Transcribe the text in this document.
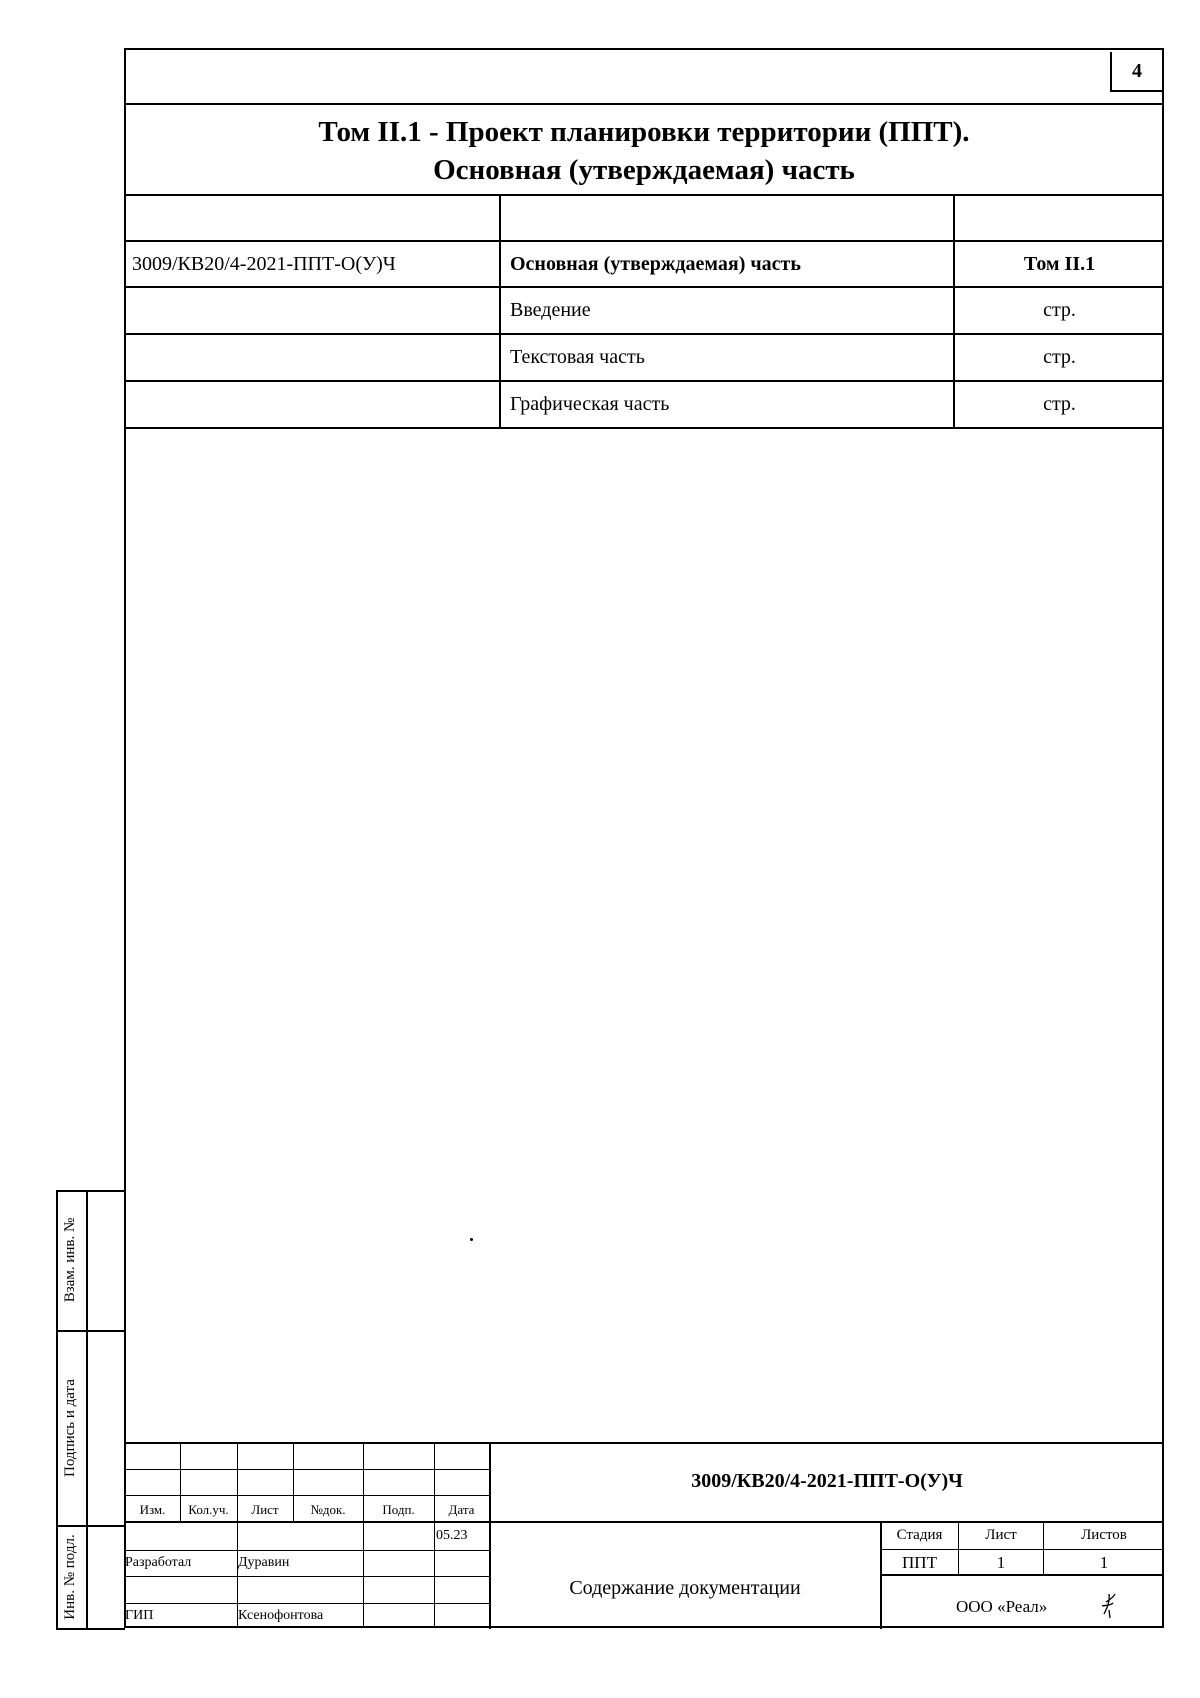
4
Том II.1 - Проект планировки территории (ППТ).
Основная (утверждаемая) часть
3009/КВ20/4-2021-ППТ-О(У)Ч	Основная (утверждаемая) часть	Том II.1
Введение	стр.
Текстовая часть	стр.
Графическая часть	стр.
Взам. инв. №
Подпись и дата
Инв. № подл.
Изм.	Кол.уч.	Лист	№док.	Подп.	Дата
05.23
Разработал	Дуравин
ГИП	Ксенофонтова
3009/КВ20/4-2021-ППТ-О(У)Ч
Содержание документации
Стадия	Лист	Листов
ППТ	1	1
ООО «Реал»
